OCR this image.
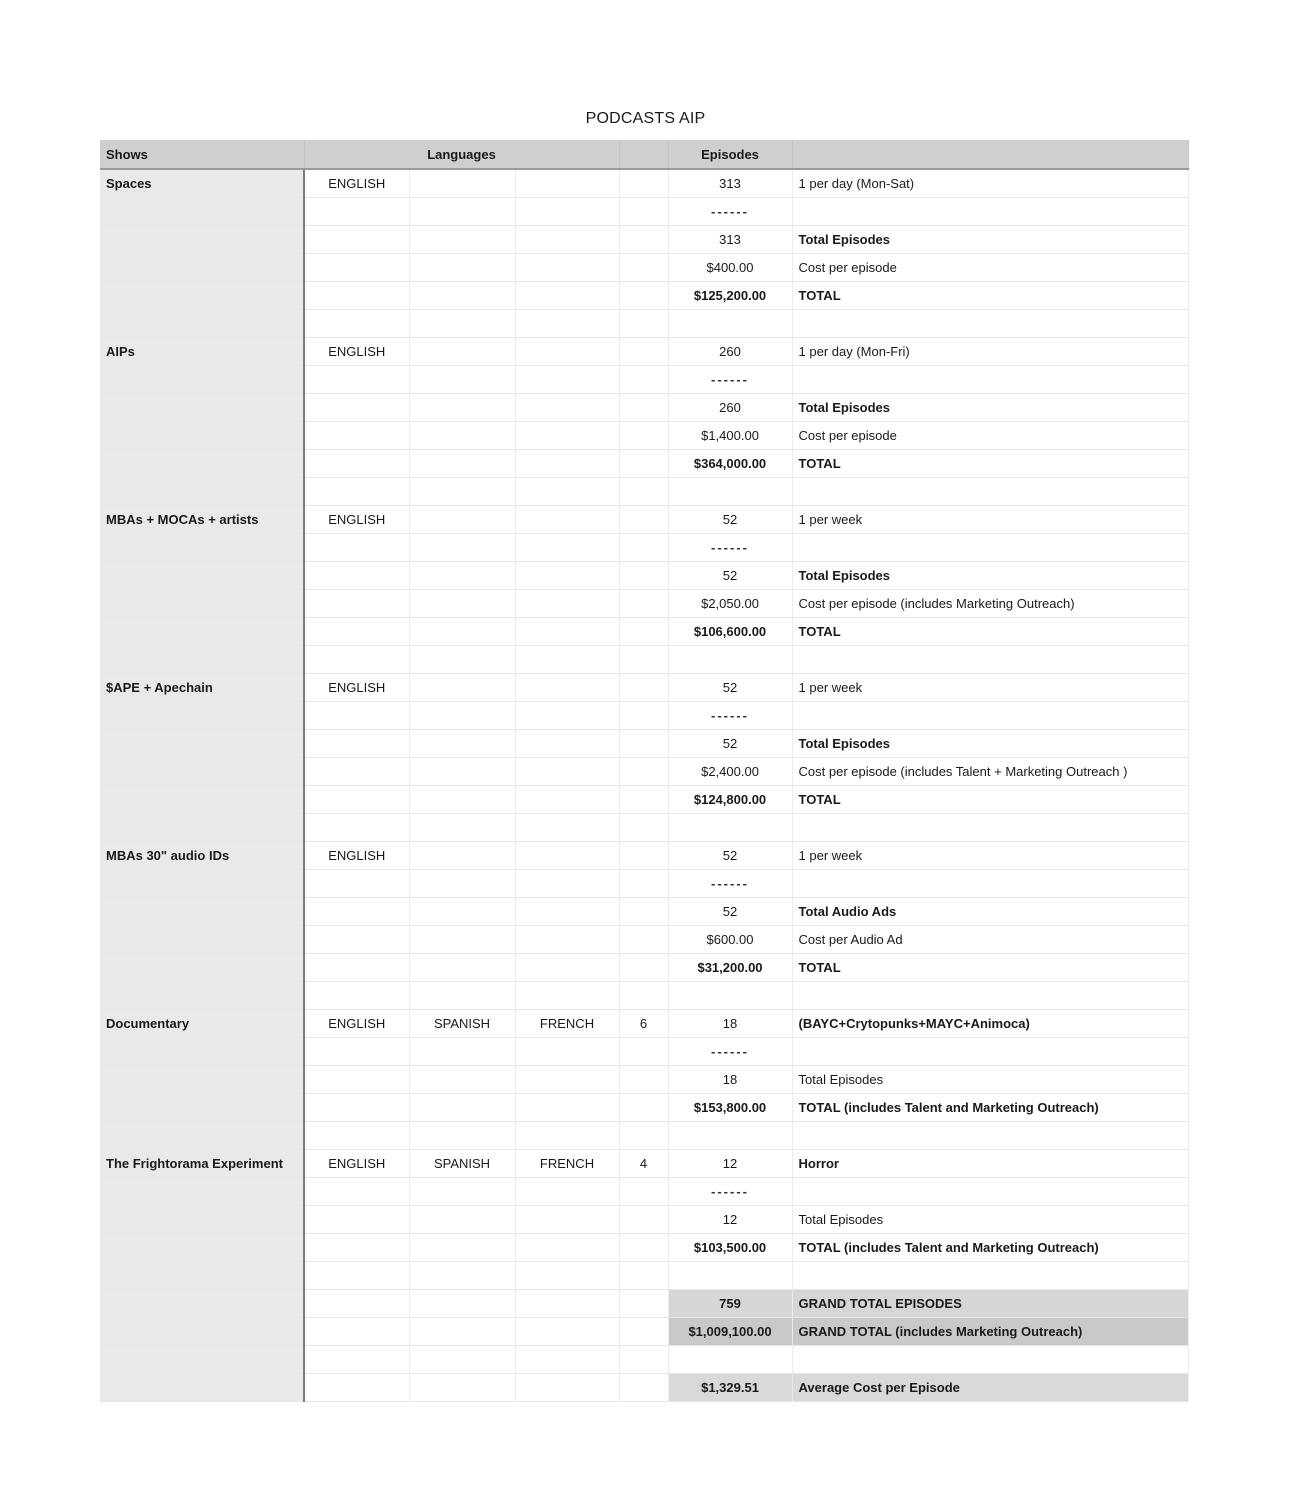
PODCASTS AIP
Shows	Languages				Episodes	
Spaces	ENGLISH				313	1 per day (Mon-Sat)
					------	
					313	Total Episodes
					$400.00	Cost per episode
					$125,200.00	TOTAL

AIPs	ENGLISH				260	1 per day (Mon-Fri)
					------	
					260	Total Episodes
					$1,400.00	Cost per episode
					$364,000.00	TOTAL

MBAs + MOCAs + artists	ENGLISH				52	1 per week
					------	
					52	Total Episodes
					$2,050.00	Cost per episode (includes Marketing Outreach)
					$106,600.00	TOTAL

$APE + Apechain	ENGLISH				52	1 per week
					------	
					52	Total Episodes
					$2,400.00	Cost per episode (includes Talent + Marketing Outreach )
					$124,800.00	TOTAL

MBAs 30" audio IDs	ENGLISH				52	1 per week
					------	
					52	Total Audio Ads
					$600.00	Cost per Audio Ad
					$31,200.00	TOTAL

Documentary	ENGLISH	SPANISH	FRENCH	6	18	(BAYC+Crytopunks+MAYC+Animoca)
					------	
					18	Total Episodes
					$153,800.00	TOTAL (includes Talent and Marketing Outreach)

The Frightorama Experiment	ENGLISH	SPANISH	FRENCH	4	12	Horror
					------	
					12	Total Episodes
					$103,500.00	TOTAL (includes Talent and Marketing Outreach)

					759	GRAND TOTAL EPISODES
					$1,009,100.00	GRAND TOTAL (includes Marketing Outreach)

					$1,329.51	Average Cost per Episode
